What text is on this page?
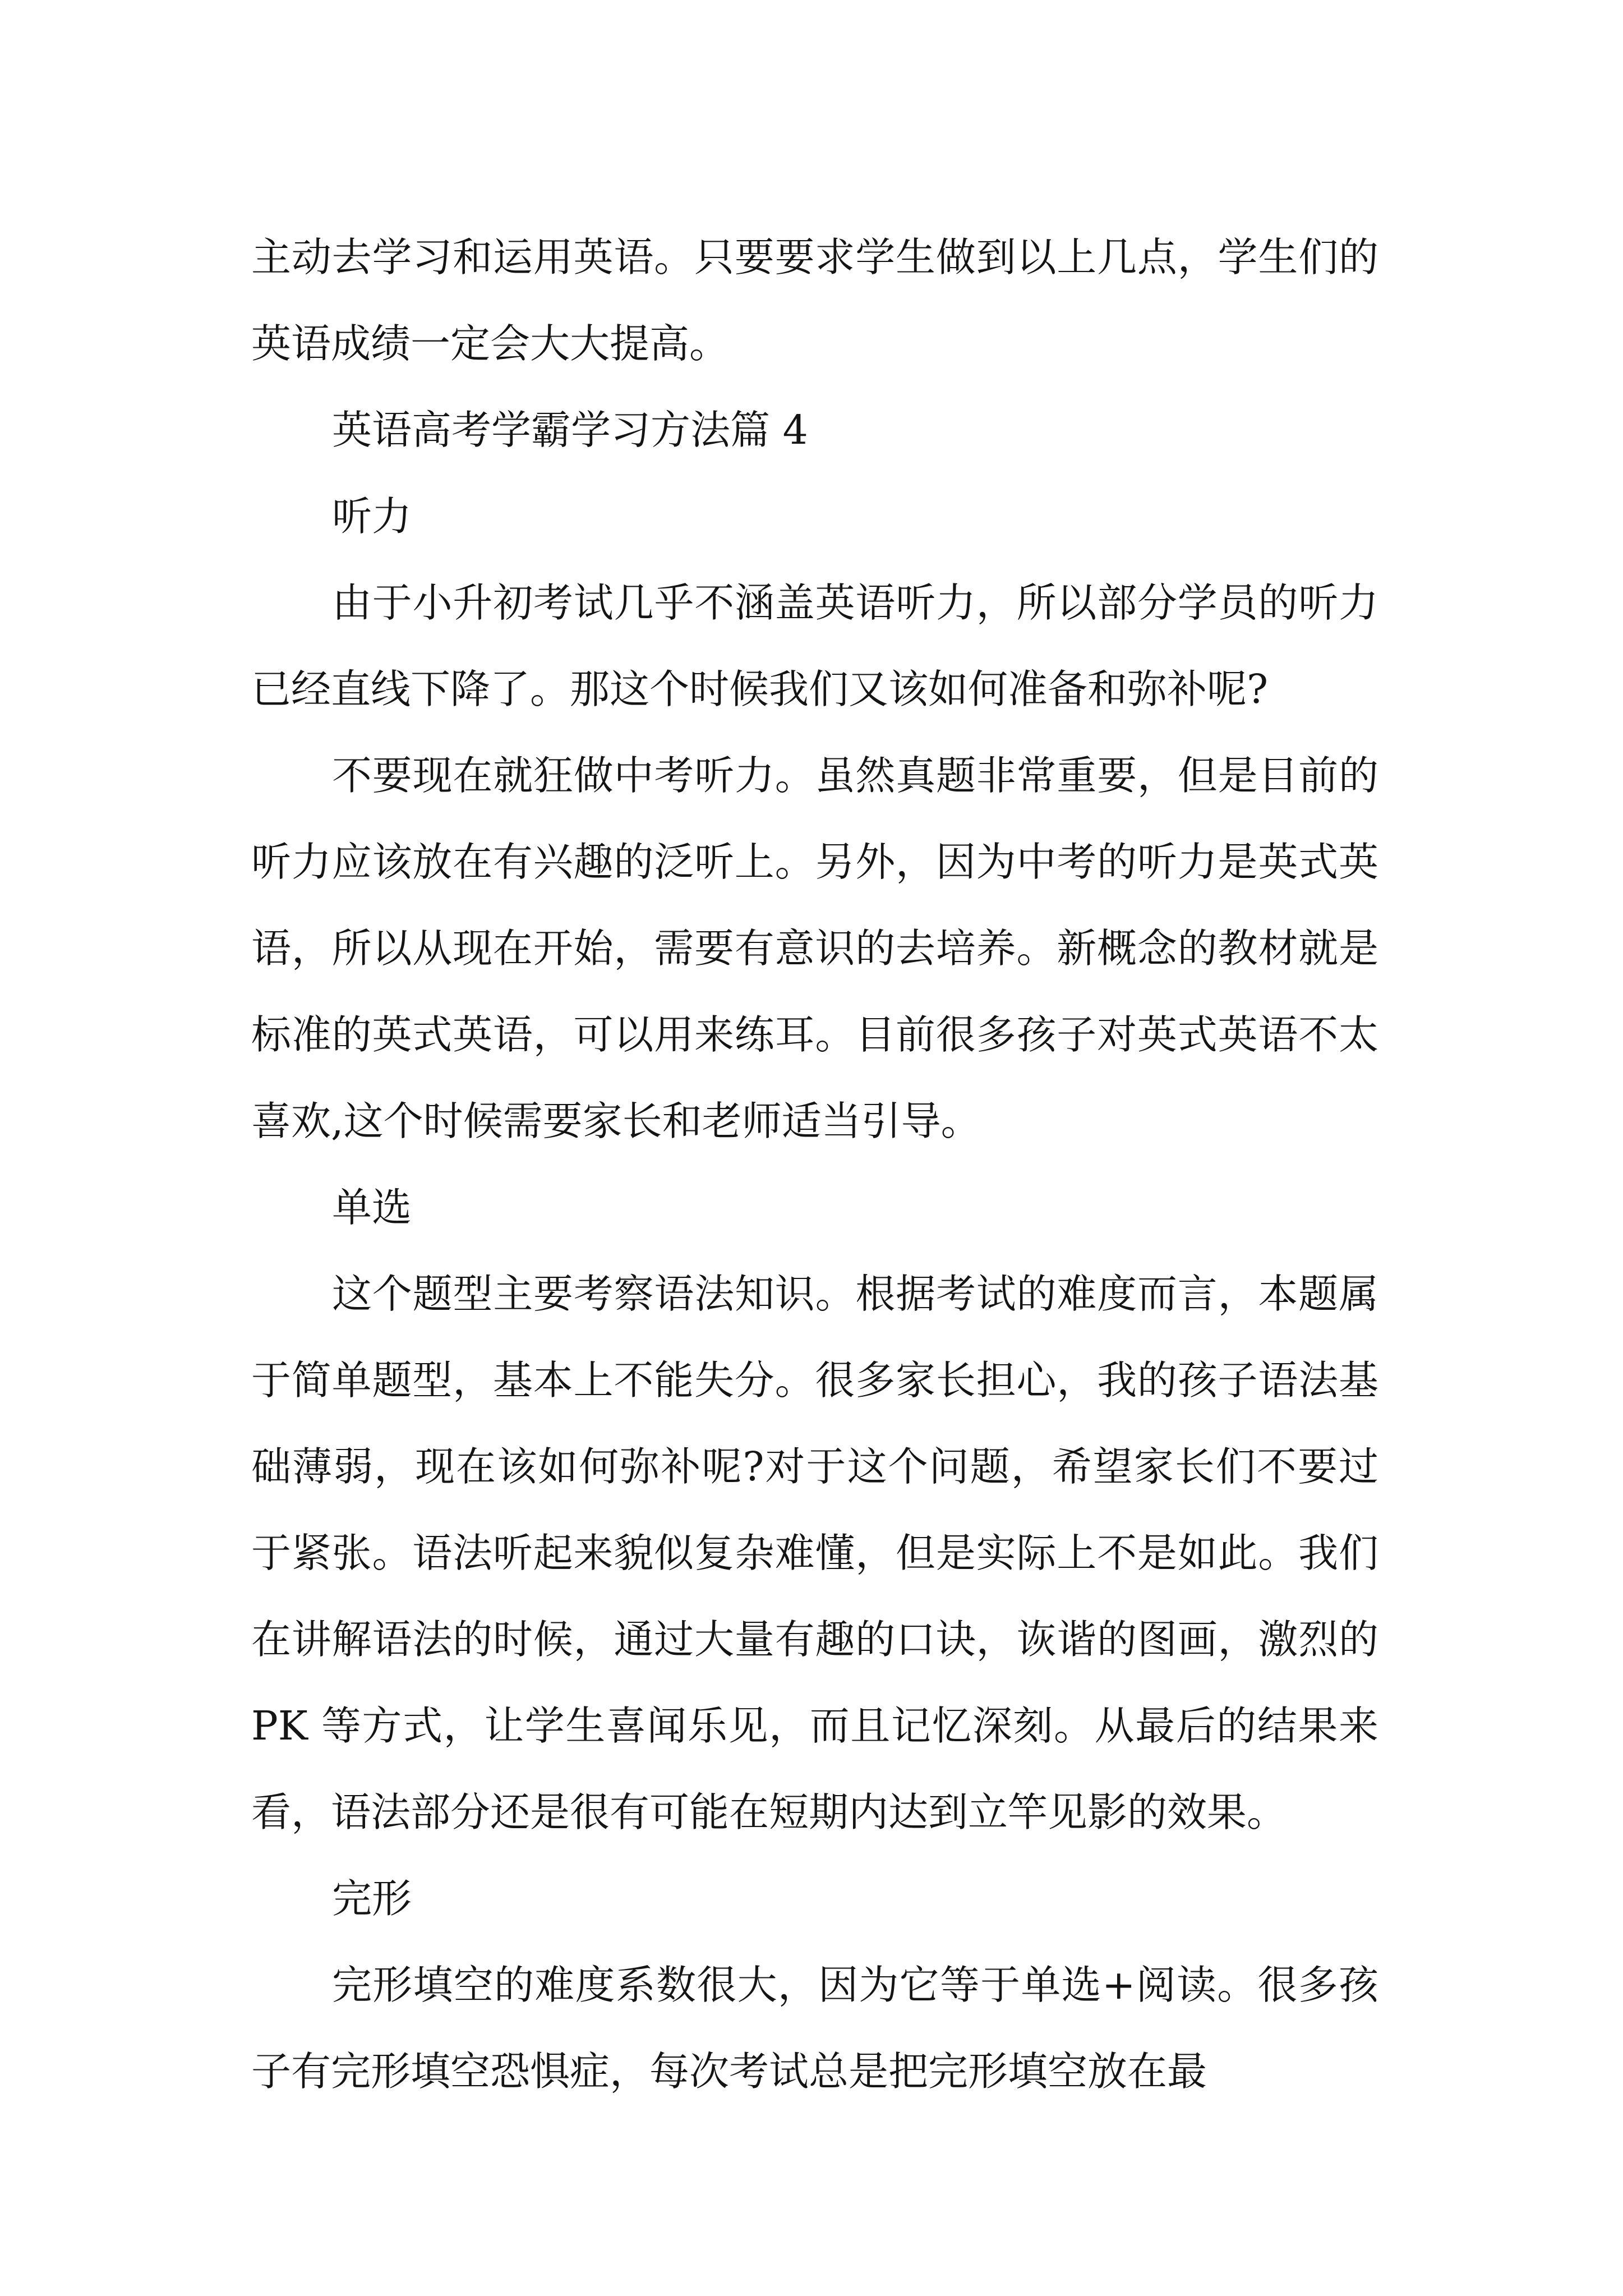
主动去学习和运用英语。只要要求学生做到以上几点，学生们的英语成绩一定会大大提高。

英语高考学霸学习方法篇 4
听力

由于小升初考试几乎不涵盖英语听力，所以部分学员的听力已经直线下降了。那这个时候我们又该如何准备和弥补呢?

不要现在就狂做中考听力。虽然真题非常重要，但是目前的听力应该放在有兴趣的泛听上。另外，因为中考的听力是英式英语，所以从现在开始，需要有意识的去培养。新概念的教材就是标准的英式英语，可以用来练耳。目前很多孩子对英式英语不太喜欢,这个时候需要家长和老师适当引导。

单选

这个题型主要考察语法知识。根据考试的难度而言，本题属于简单题型，基本上不能失分。很多家长担心，我的孩子语法基础薄弱，现在该如何弥补呢?对于这个问题，希望家长们不要过于紧张。语法听起来貌似复杂难懂，但是实际上不是如此。我们在讲解语法的时候，通过大量有趣的口诀，诙谐的图画，激烈的 PK 等方式，让学生喜闻乐见，而且记忆深刻。从最后的结果来看，语法部分还是很有可能在短期内达到立竿见影的效果。

完形

完形填空的难度系数很大，因为它等于单选+阅读。很多孩子有完形填空恐惧症，每次考试总是把完形填空放在最
